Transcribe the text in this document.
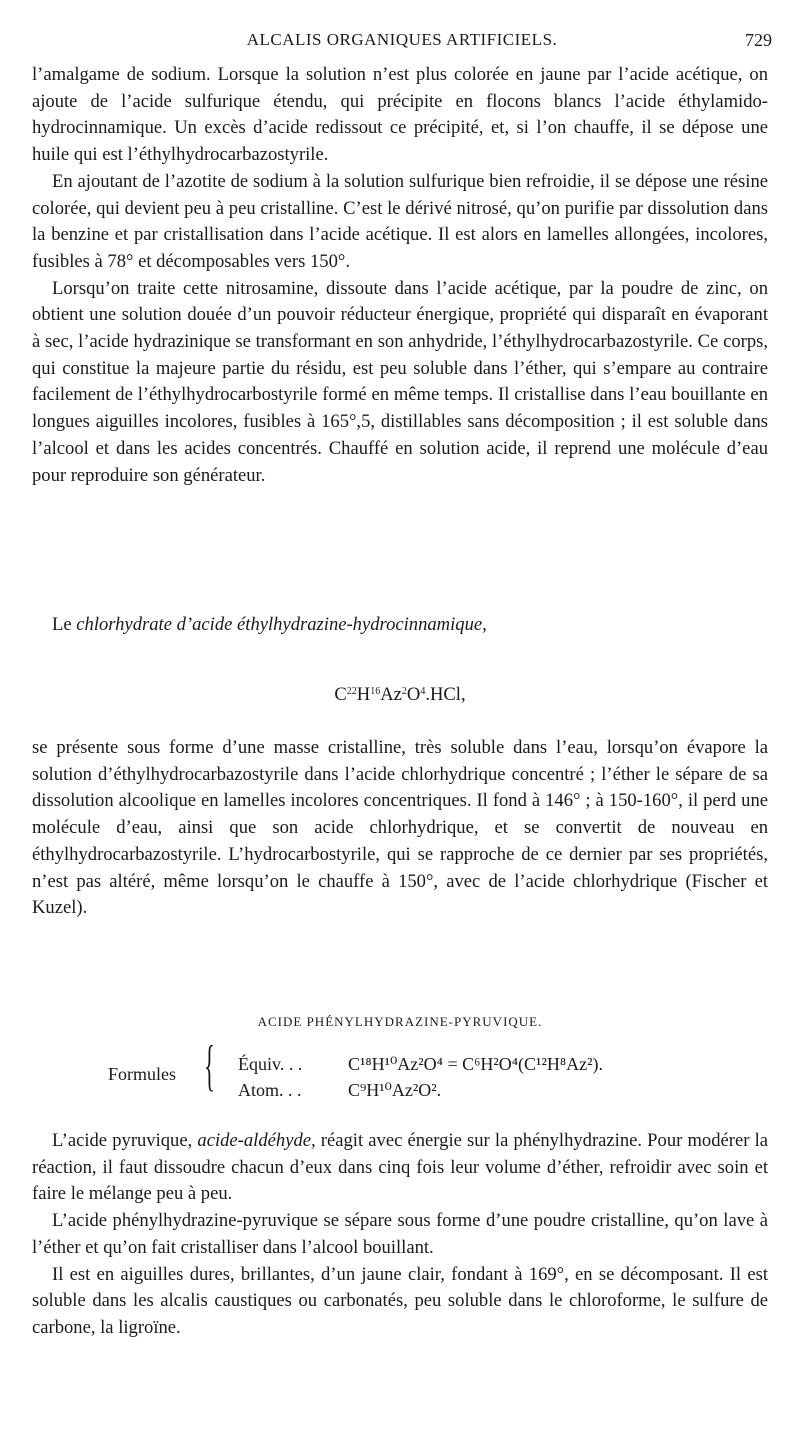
ALCALIS ORGANIQUES ARTIFICIELS.	729

l’amalgame de sodium. Lorsque la solution n’est plus colorée en jaune par l’acide acétique, on ajoute de l’acide sulfurique étendu, qui précipite en flocons blancs l’acide éthylamido-hydrocinnamique. Un excès d’acide redissout ce précipité, et, si l’on chauffe, il se dépose une huile qui est l’éthylhydrocarbazostyrile.

En ajoutant de l’azotite de sodium à la solution sulfurique bien refroidie, il se dépose une résine colorée, qui devient peu à peu cristalline. C’est le dérivé nitrosé, qu’on purifie par dissolution dans la benzine et par cristallisation dans l’acide acétique. Il est alors en lamelles allongées, incolores, fusibles à 78° et décomposables vers 150°.

Lorsqu’on traite cette nitrosamine, dissoute dans l’acide acétique, par la poudre de zinc, on obtient une solution douée d’un pouvoir réducteur énergique, propriété qui disparaît en évaporant à sec, l’acide hydrazinique se transformant en son anhydride, l’éthylhydrocarbazostyrile. Ce corps, qui constitue la majeure partie du résidu, est peu soluble dans l’éther, qui s’empare au contraire facilement de l’éthylhydrocarbostyrile formé en même temps. Il cristallise dans l’eau bouillante en longues aiguilles incolores, fusibles à 165°,5, distillables sans décomposition ; il est soluble dans l’alcool et dans les acides concentrés. Chauffé en solution acide, il reprend une molécule d’eau pour reproduire son générateur.

Le chlorhydrate d’acide éthylhydrazine-hydrocinnamique,

$C^{22}H^{16}Az^2O^4.HCl$,

se présente sous forme d’une masse cristalline, très soluble dans l’eau, lorsqu’on évapore la solution d’éthylhydrocarbazostyrile dans l’acide chlorhydrique concentré ; l’éther le sépare de sa dissolution alcoolique en lamelles incolores concentriques. Il fond à 146° ; à 150-160°, il perd une molécule d’eau, ainsi que son acide chlorhydrique, et se convertit de nouveau en éthylhydrocarbazostyrile. L’hydrocarbostyrile, qui se rapproche de ce dernier par ses propriétés, n’est pas altéré, même lorsqu’on le chauffe à 150°, avec de l’acide chlorhydrique (Fischer et Kuzel).

ACIDE PHÉNYLHYDRAZINE-PYRUVIQUE.
Formules { Équiv. . .	C¹⁸H¹⁰Az²O⁴ = C⁶H²O⁴(C¹²H⁸Az²).
Atom. . .	C⁹H¹⁰Az²O².

L’acide pyruvique, acide-aldéhyde, réagit avec énergie sur la phénylhydrazine. Pour modérer la réaction, il faut dissoudre chacun d’eux dans cinq fois leur volume d’éther, refroidir avec soin et faire le mélange peu à peu.

L’acide phénylhydrazine-pyruvique se sépare sous forme d’une poudre cristalline, qu’on lave à l’éther et qu’on fait cristalliser dans l’alcool bouillant.

Il est en aiguilles dures, brillantes, d’un jaune clair, fondant à 169°, en se décomposant. Il est soluble dans les alcalis caustiques ou carbonatés, peu soluble dans le chloroforme, le sulfure de carbone, la ligroïne.
